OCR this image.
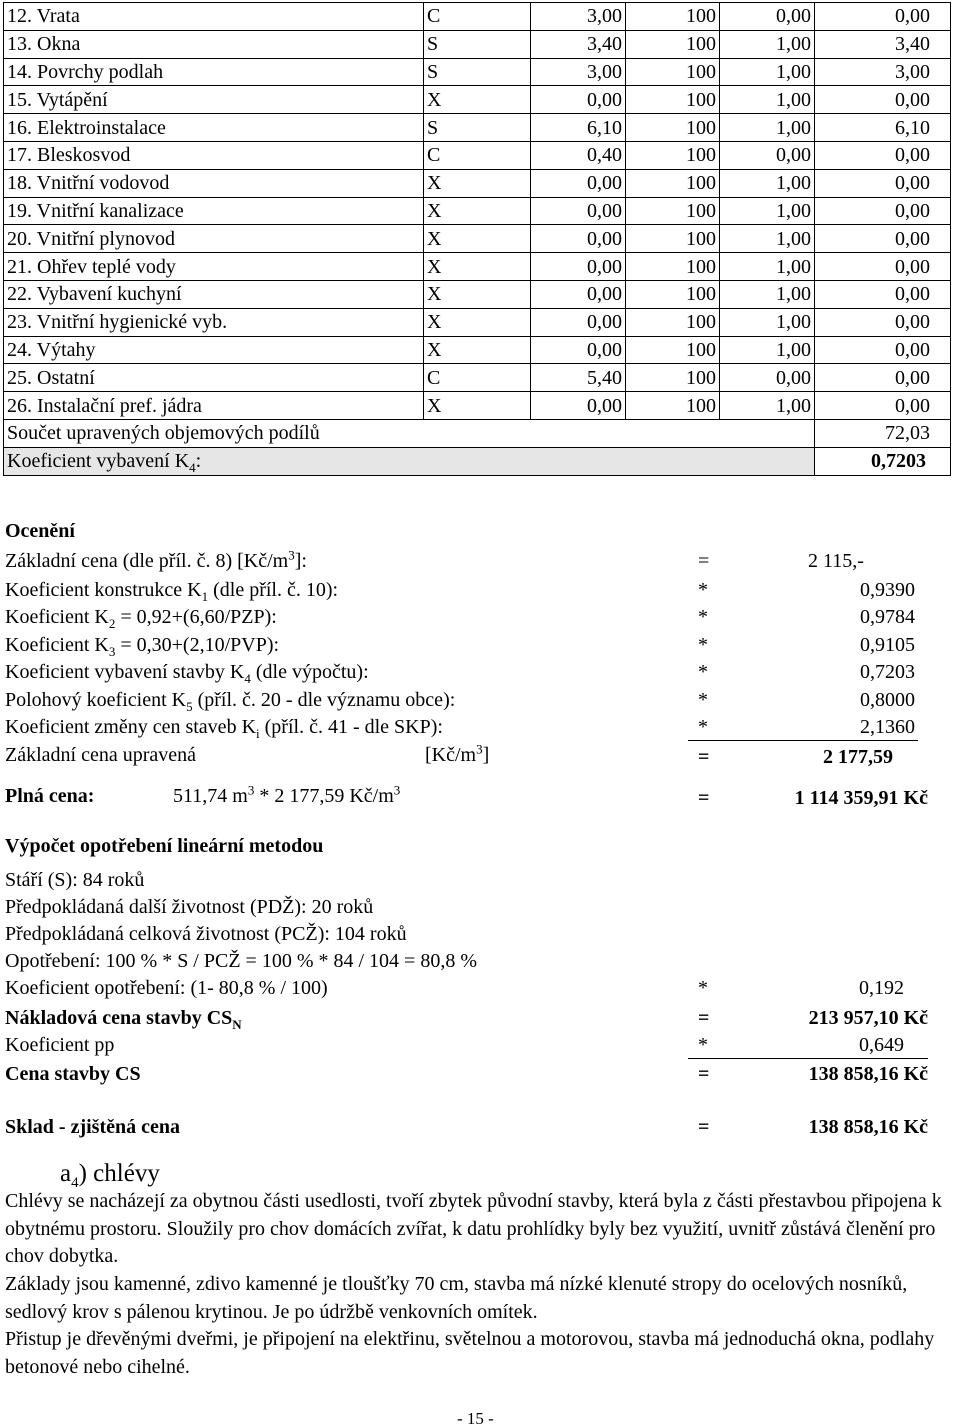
12. Vrata	C	3,00	100	0,00	0,00
13. Okna	S	3,40	100	1,00	3,40
14. Povrchy podlah	S	3,00	100	1,00	3,00
15. Vytápění	X	0,00	100	1,00	0,00
16. Elektroinstalace	S	6,10	100	1,00	6,10
17. Bleskosvod	C	0,40	100	0,00	0,00
18. Vnitřní vodovod	X	0,00	100	1,00	0,00
19. Vnitřní kanalizace	X	0,00	100	1,00	0,00
20. Vnitřní plynovod	X	0,00	100	1,00	0,00
21. Ohřev teplé vody	X	0,00	100	1,00	0,00
22. Vybavení kuchyní	X	0,00	100	1,00	0,00
23. Vnitřní hygienické vyb.	X	0,00	100	1,00	0,00
24. Výtahy	X	0,00	100	1,00	0,00
25. Ostatní	C	5,40	100	0,00	0,00
26. Instalační pref. jádra	X	0,00	100	1,00	0,00
Součet upravených objemových podílů					72,03
Koeficient vybavení $K_4$:					0,7203
Ocenění
Základní cena (dle příl. č. 8) $[Kč/m^3]$:	=	2 115,-
Koeficient konstrukce $K_1$ (dle příl. č. 10):	*	0,9390
Koeficient $K_2 = 0,92+(6,60/PZP)$:	*	0,9784
Koeficient $K_3 = 0,30+(2,10/PVP)$:	*	0,9105
Koeficient vybavení stavby $K_4$ (dle výpočtu):	*	0,7203
Polohový koeficient $K_5$ (příl. č. 20 - dle významu obce):	*	0,8000
Koeficient změny cen staveb $K_i$ (příl. č. 41 - dle SKP):	*	2,1360
Základní cena upravená	$[Kč/m^3]$	=	2 177,59
Plná cena:	511,74 $m^3 * 2$ 177,59 $Kč/m^3$	=	1 114 359,91 Kč
Výpočet opotřebení lineární metodou
Stáří (S): 84 roků
Předpokládaná další životnost (PDŽ): 20 roků
Předpokládaná celková životnost (PCŽ): 104 roků
Opotřebení: 100 % * S / PCŽ = 100 % * 84 / 104 = 80,8 %
Koeficient opotřebení: (1- 80,8 % / 100)	*	0,192
Nákladová cena stavby $CS_N$	=	213 957,10 Kč
Koeficient pp	*	0,649
Cena stavby CS	=	138 858,16 Kč
Sklad - zjištěná cena	=	138 858,16 Kč
$a_4$) chlévy
Chlévy se nacházejí za obytnou části usedlosti, tvoří zbytek původní stavby, která byla z části přestavbou připojena k obytnému prostoru. Sloužily pro chov domácích zvířat, k datu prohlídky byly bez využití, uvnitř zůstává členění pro chov dobytka.
Základy jsou kamenné, zdivo kamenné je tloušťky 70 cm, stavba má nízké klenuté stropy do ocelových nosníků, sedlový krov s pálenou krytinou. Je po údržbě venkovních omítek.
Přistup je dřevěnými dveřmi, je připojení na elektřinu, světelnou a motorovou, stavba má jednoduchá okna, podlahy betonové nebo cihelné.
- 15 -
